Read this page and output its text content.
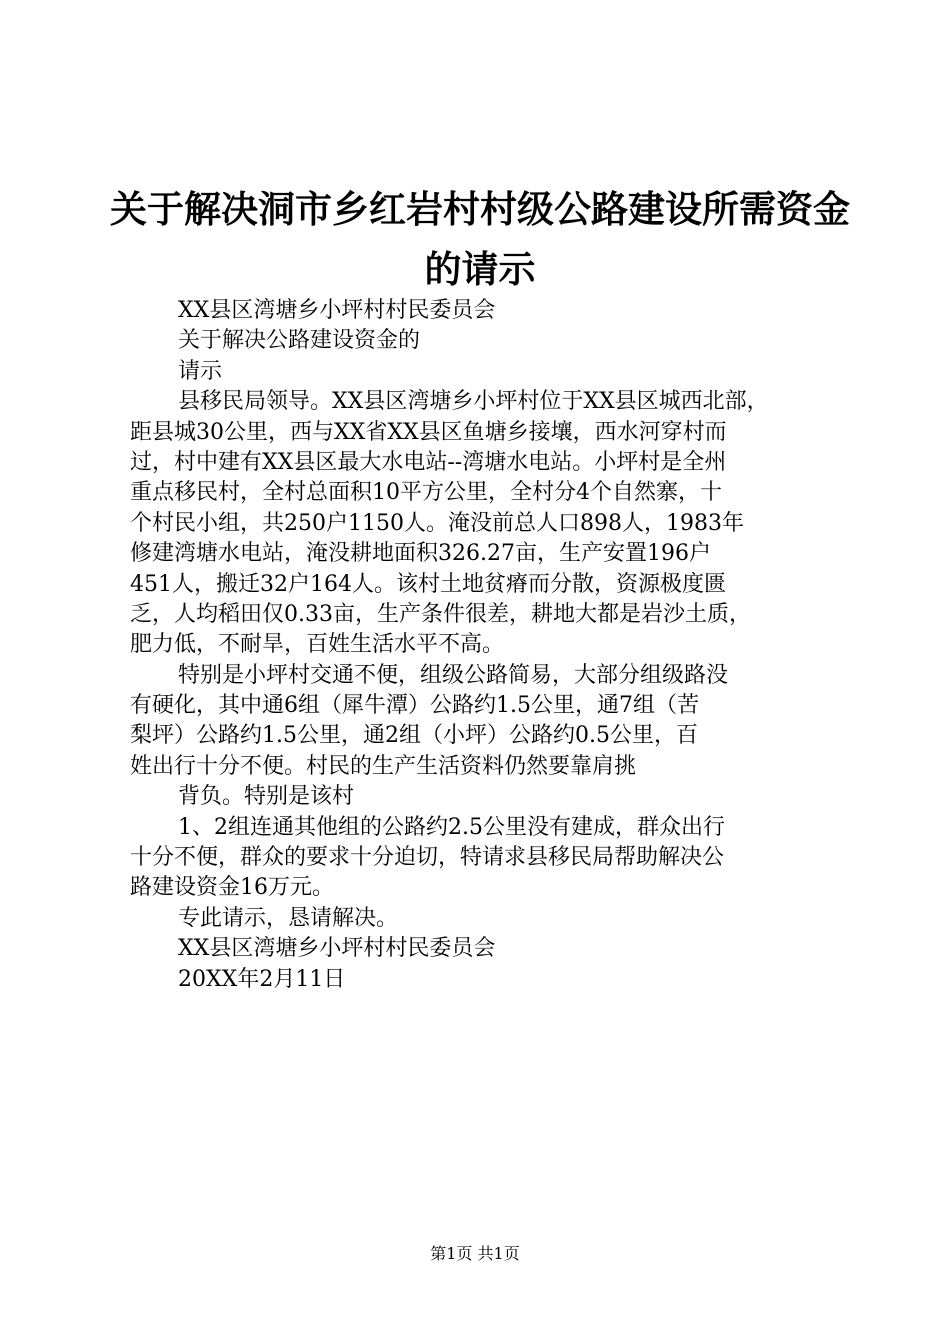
关于解决洞市乡红岩村村级公路建设所需资金
的请示
XX县区湾塘乡小坪村村民委员会
关于解决公路建设资金的
请示
县移民局领导。XX县区湾塘乡小坪村位于XX县区城西北部，
距县城30公里，西与XX省XX县区鱼塘乡接壤，西水河穿村而
过，村中建有XX县区最大水电站--湾塘水电站。小坪村是全州
重点移民村，全村总面积10平方公里，全村分4个自然寨，十
个村民小组，共250户1150人。淹没前总人口898人，1983年
修建湾塘水电站，淹没耕地面积326.27亩，生产安置196户
451人，搬迁32户164人。该村土地贫瘠而分散，资源极度匮
乏，人均稻田仅0.33亩，生产条件很差，耕地大都是岩沙土质，
肥力低，不耐旱，百姓生活水平不高。
特别是小坪村交通不便，组级公路简易，大部分组级路没
有硬化，其中通6组（犀牛潭）公路约1.5公里，通7组（苦
梨坪）公路约1.5公里，通2组（小坪）公路约0.5公里，百
姓出行十分不便。村民的生产生活资料仍然要靠肩挑
背负。特别是该村
1、2组连通其他组的公路约2.5公里没有建成，群众出行
十分不便，群众的要求十分迫切，特请求县移民局帮助解决公
路建设资金16万元。
专此请示，恳请解决。
XX县区湾塘乡小坪村村民委员会
20XX年2月11日
第1页 共1页
